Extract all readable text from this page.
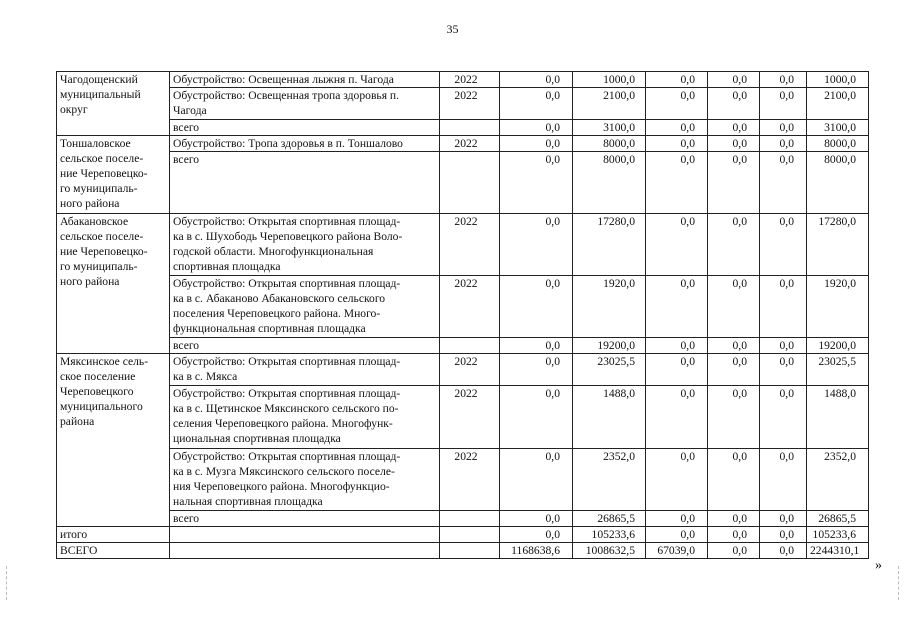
35
Чагодощенский
муниципальный
округ	Обустройство: Освещенная лыжня п. Чагода	2022	0,0	1000,0	0,0	0,0	0,0	1000,0
	Обустройство: Освещенная тропа здоровья п.
Чагода	2022	0,0	2100,0	0,0	0,0	0,0	2100,0
	всего		0,0	3100,0	0,0	0,0	0,0	3100,0
Тоншаловское
сельское поселе-
ние Череповецко-
го муниципаль-
ного района	Обустройство: Тропа здоровья в п. Тоншалово	2022	0,0	8000,0	0,0	0,0	0,0	8000,0
	всего		0,0	8000,0	0,0	0,0	0,0	8000,0
Абакановское
сельское поселе-
ние Череповецко-
го муниципаль-
ного района	Обустройство: Открытая спортивная площад-
ка в с. Шухободь Череповецкого района Воло-
годской области. Многофункциональная
спортивная площадка	2022	0,0	17280,0	0,0	0,0	0,0	17280,0
	Обустройство: Открытая спортивная площад-
ка в с. Абаканово Абакановского сельского
поселения Череповецкого района. Много-
функциональная спортивная площадка	2022	0,0	1920,0	0,0	0,0	0,0	1920,0
	всего		0,0	19200,0	0,0	0,0	0,0	19200,0
Мяксинское сель-
ское поселение
Череповецкого
муниципального
района	Обустройство: Открытая спортивная площад-
ка в с. Мякса	2022	0,0	23025,5	0,0	0,0	0,0	23025,5
	Обустройство: Открытая спортивная площад-
ка в с. Щетинское Мяксинского сельского по-
селения Череповецкого района. Многофунк-
циональная спортивная площадка	2022	0,0	1488,0	0,0	0,0	0,0	1488,0
	Обустройство: Открытая спортивная площад-
ка в с. Музга Мяксинского сельского поселе-
ния Череповецкого района. Многофункцио-
нальная спортивная площадка	2022	0,0	2352,0	0,0	0,0	0,0	2352,0
	всего		0,0	26865,5	0,0	0,0	0,0	26865,5
итого			0,0	105233,6	0,0	0,0	0,0	105233,6
ВСЕГО			1168638,6	1008632,5	67039,0	0,0	0,0	2244310,1
»
